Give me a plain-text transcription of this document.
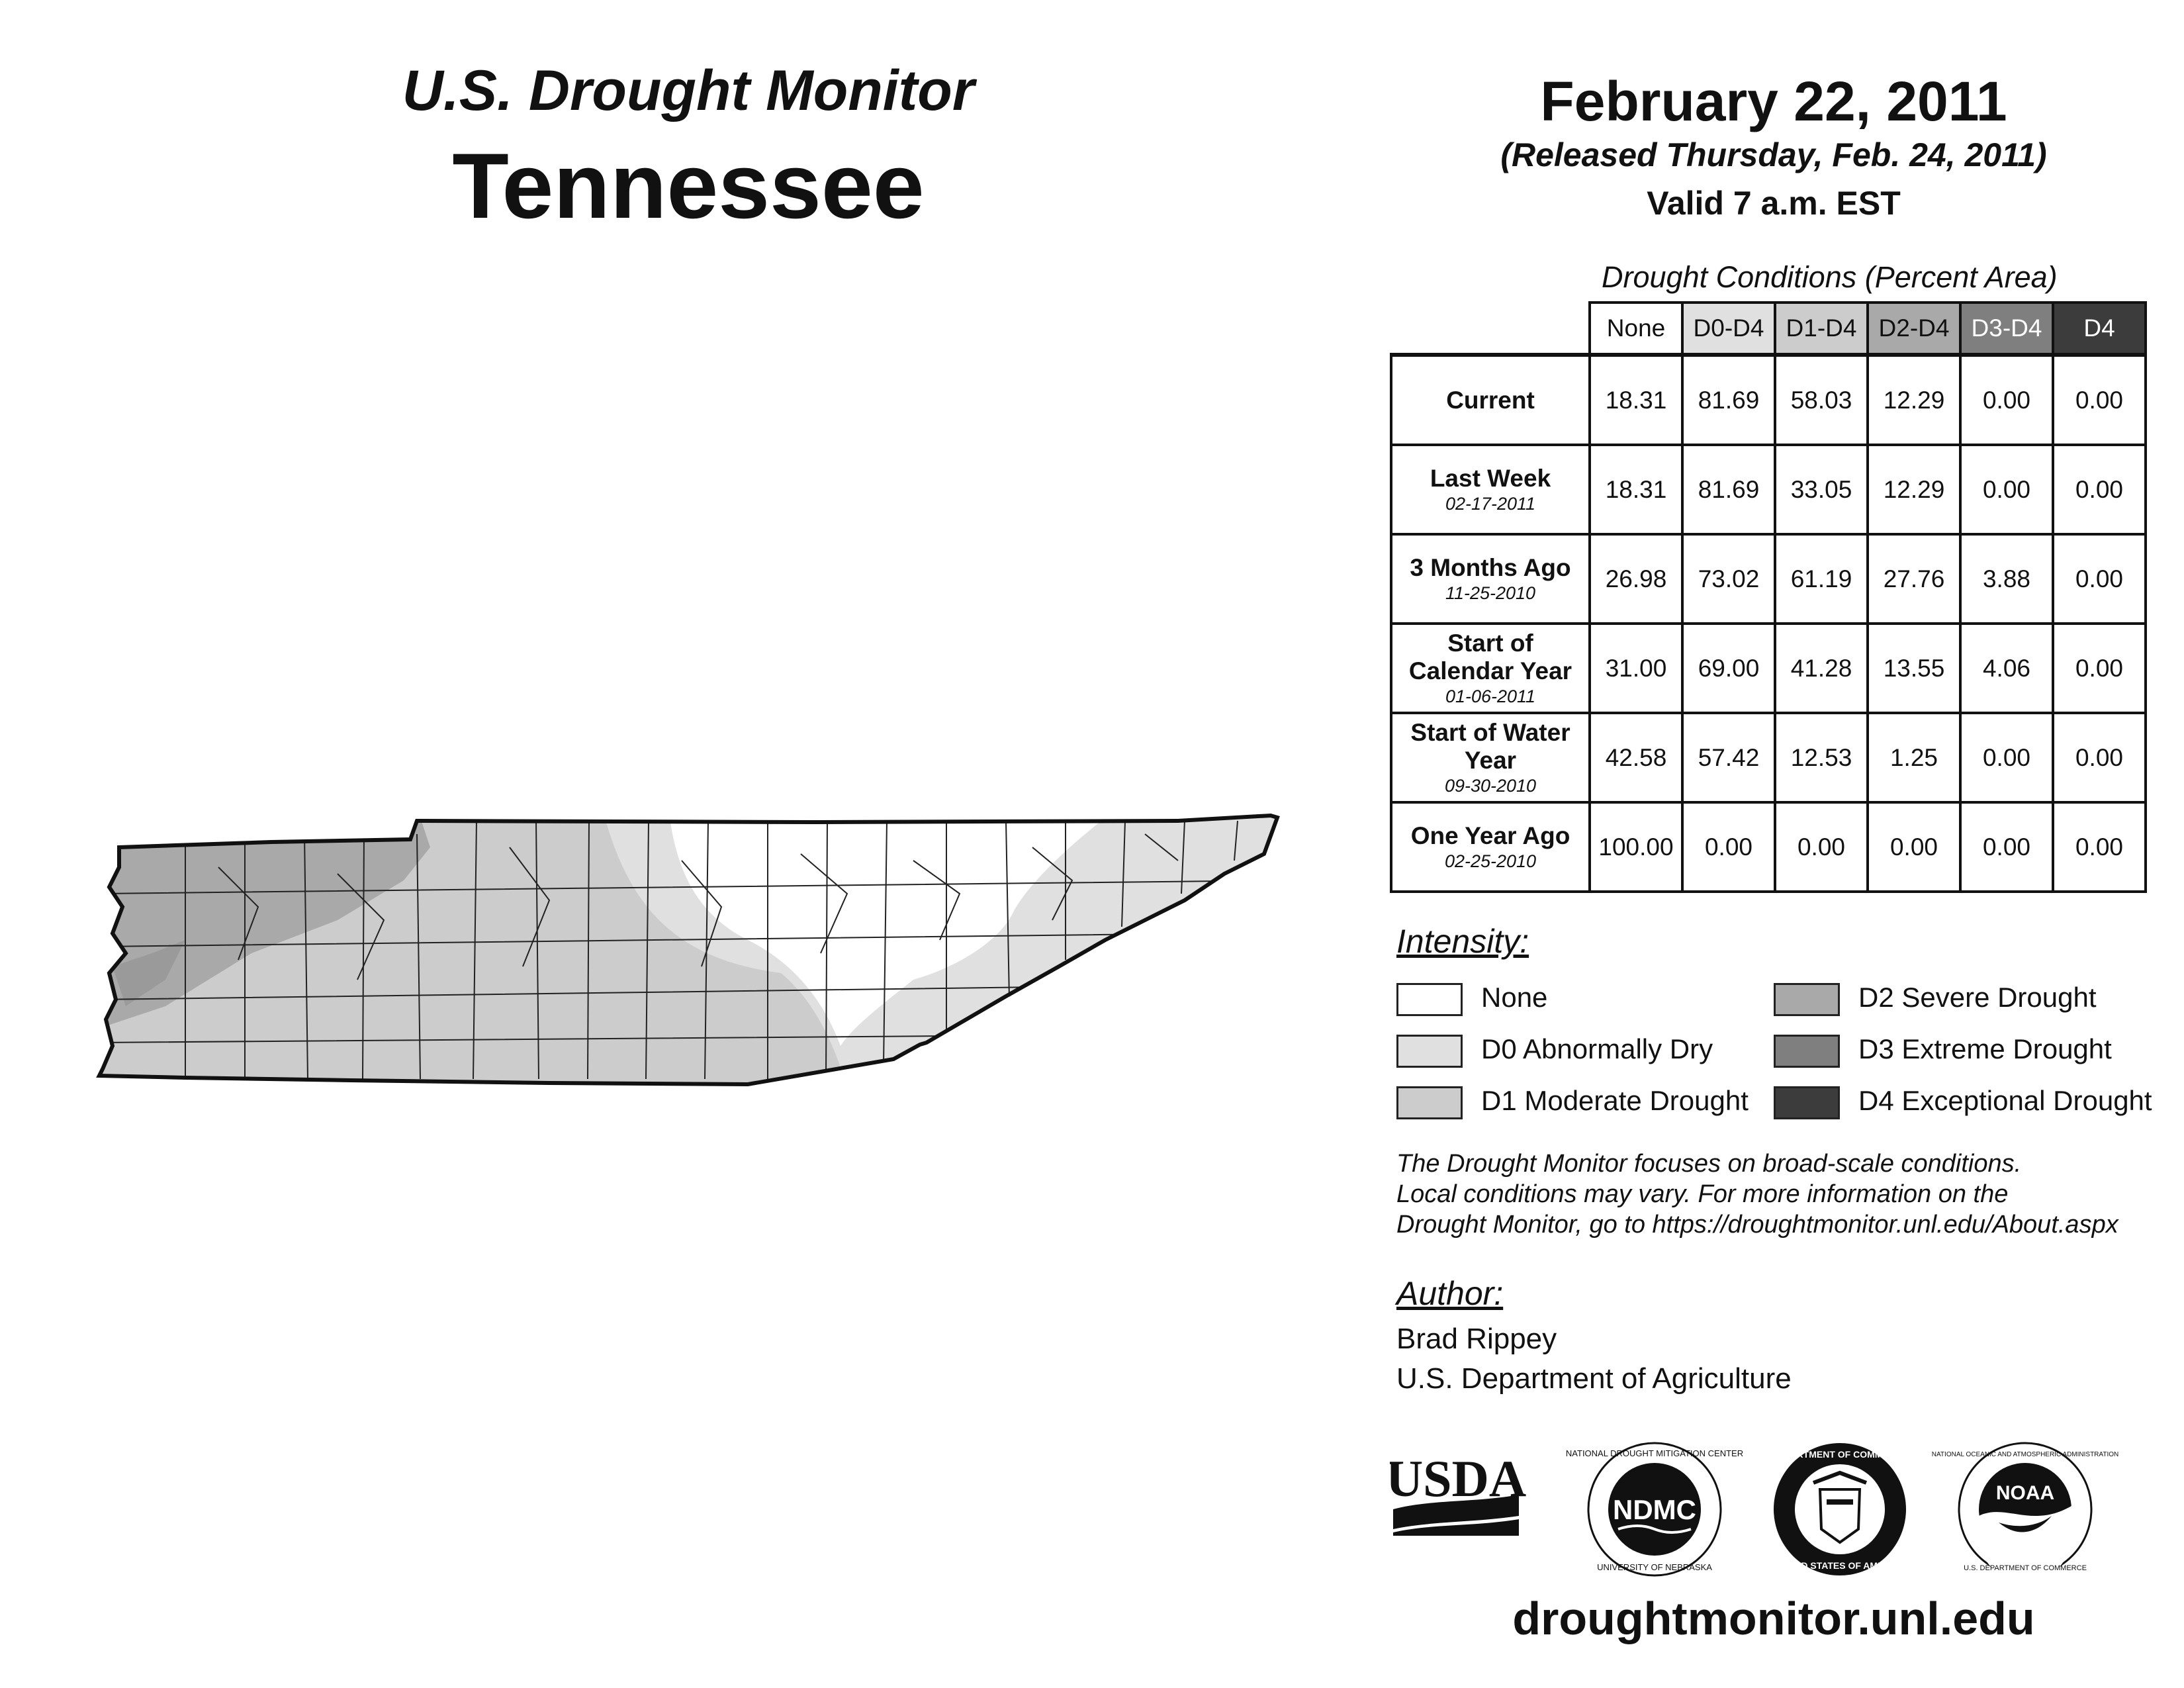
U.S. Drought Monitor
Tennessee
February 22, 2011
(Released Thursday, Feb. 24, 2011)
Valid 7 a.m. EST
Drought Conditions (Percent Area)
	None	D0-D4	D1-D4	D2-D4	D3-D4	D4
Current	18.31	81.69	58.03	12.29	0.00	0.00
Last Week
02-17-2011	18.31	81.69	33.05	12.29	0.00	0.00
3 Months Ago
11-25-2010	26.98	73.02	61.19	27.76	3.88	0.00
Start of Calendar Year
01-06-2011	31.00	69.00	41.28	13.55	4.06	0.00
Start of Water Year
09-30-2010	42.58	57.42	12.53	1.25	0.00	0.00
One Year Ago
02-25-2010	100.00	0.00	0.00	0.00	0.00	0.00
Intensity:
None
D0 Abnormally Dry
D1 Moderate Drought
D2 Severe Drought
D3 Extreme Drought
D4 Exceptional Drought
The Drought Monitor focuses on broad-scale conditions.
Local conditions may vary. For more information on the
Drought Monitor, go to https://droughtmonitor.unl.edu/About.aspx
Author:
Brad Rippey
U.S. Department of Agriculture
USDA
NDMC
NATIONAL DROUGHT MITIGATION CENTER
UNIVERSITY OF NEBRASKA
DEPARTMENT OF COMMERCE
UNITED STATES OF AMERICA
NOAA
NATIONAL OCEANIC AND ATMOSPHERIC ADMINISTRATION
U.S. DEPARTMENT OF COMMERCE
droughtmonitor.unl.edu
